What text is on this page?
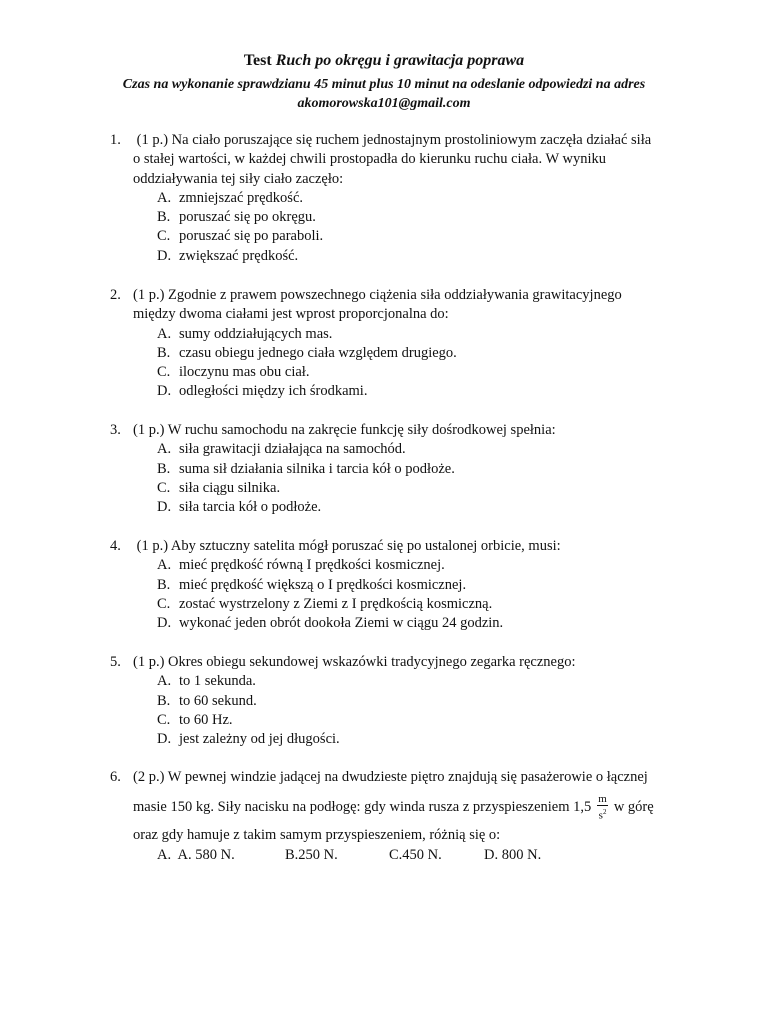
Test Ruch po okręgu i grawitacja poprawa
Czas na wykonanie sprawdzianu 45 minut plus 10 minut na odeslanie odpowiedzi na adres
akomorowska101@gmail.com
1. (1 p.) Na ciało poruszające się ruchem jednostajnym prostoliniowym zaczęła działać siła
o stałej wartości, w każdej chwili prostopadła do kierunku ruchu ciała. W wyniku
oddziaływania tej siły ciało zaczęło:
A. zmniejszać prędkość.
B. poruszać się po okręgu.
C. poruszać się po paraboli.
D. zwiększać prędkość.
2. (1 p.) Zgodnie z prawem powszechnego ciążenia siła oddziaływania grawitacyjnego
między dwoma ciałami jest wprost proporcjonalna do:
A. sumy oddziałujących mas.
B. czasu obiegu jednego ciała względem drugiego.
C. iloczynu mas obu ciał.
D. odległości między ich środkami.
3. (1 p.) W ruchu samochodu na zakręcie funkcję siły dośrodkowej spełnia:
A. siła grawitacji działająca na samochód.
B. suma sił działania silnika i tarcia kół o podłoże.
C. siła ciągu silnika.
D. siła tarcia kół o podłoże.
4. (1 p.) Aby sztuczny satelita mógł poruszać się po ustalonej orbicie, musi:
A. mieć prędkość równą I prędkości kosmicznej.
B. mieć prędkość większą o I prędkości kosmicznej.
C. zostać wystrzelony z Ziemi z I prędkością kosmiczną.
D. wykonać jeden obrót dookoła Ziemi w ciągu 24 godzin.
5. (1 p.) Okres obiegu sekundowej wskazówki tradycyjnego zegarka ręcznego:
A. to 1 sekunda.
B. to 60 sekund.
C. to 60 Hz.
D. jest zależny od jej długości.
6. (2 p.) W pewnej windzie jadącej na dwudzieste piętro znajdują się pasażerowie o łącznej
masie 150 kg. Siły nacisku na podłogę: gdy winda rusza z przyspieszeniem $1,5 \frac{m}{s^2}$ w górę
oraz gdy hamuje z takim samym przyspieszeniem, różnią się o:
A.  A. 580 N.	B.250 N.	C.450 N.	D. 800 N.
